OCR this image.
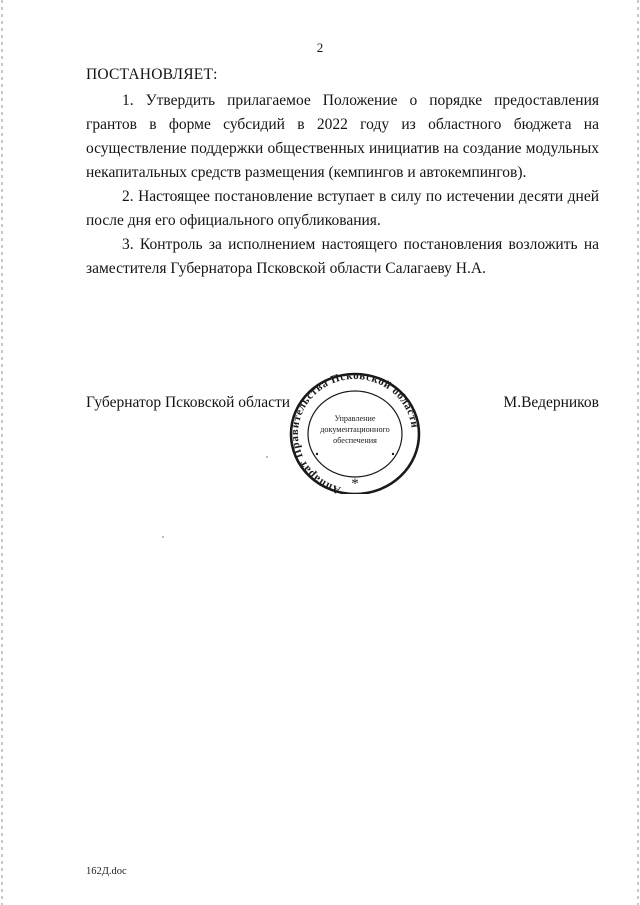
2
ПОСТАНОВЛЯЕТ:

1. Утвердить прилагаемое Положение о порядке предоставления грантов в форме субсидий в 2022 году из областного бюджета на осуществление поддержки общественных инициатив на создание модульных некапитальных средств размещения (кемпингов и автокемпингов).

2. Настоящее постановление вступает в силу по истечении десяти дней после дня его официального опубликования.

3. Контроль за исполнением настоящего постановления возложить на заместителя Губернатора Псковской области Салагаеву Н.А.

Губернатор Псковской области	М.Ведерников
Аппарат Правительства Псковской области
*
Управление
документационного
обеспечения
162Д.doc
